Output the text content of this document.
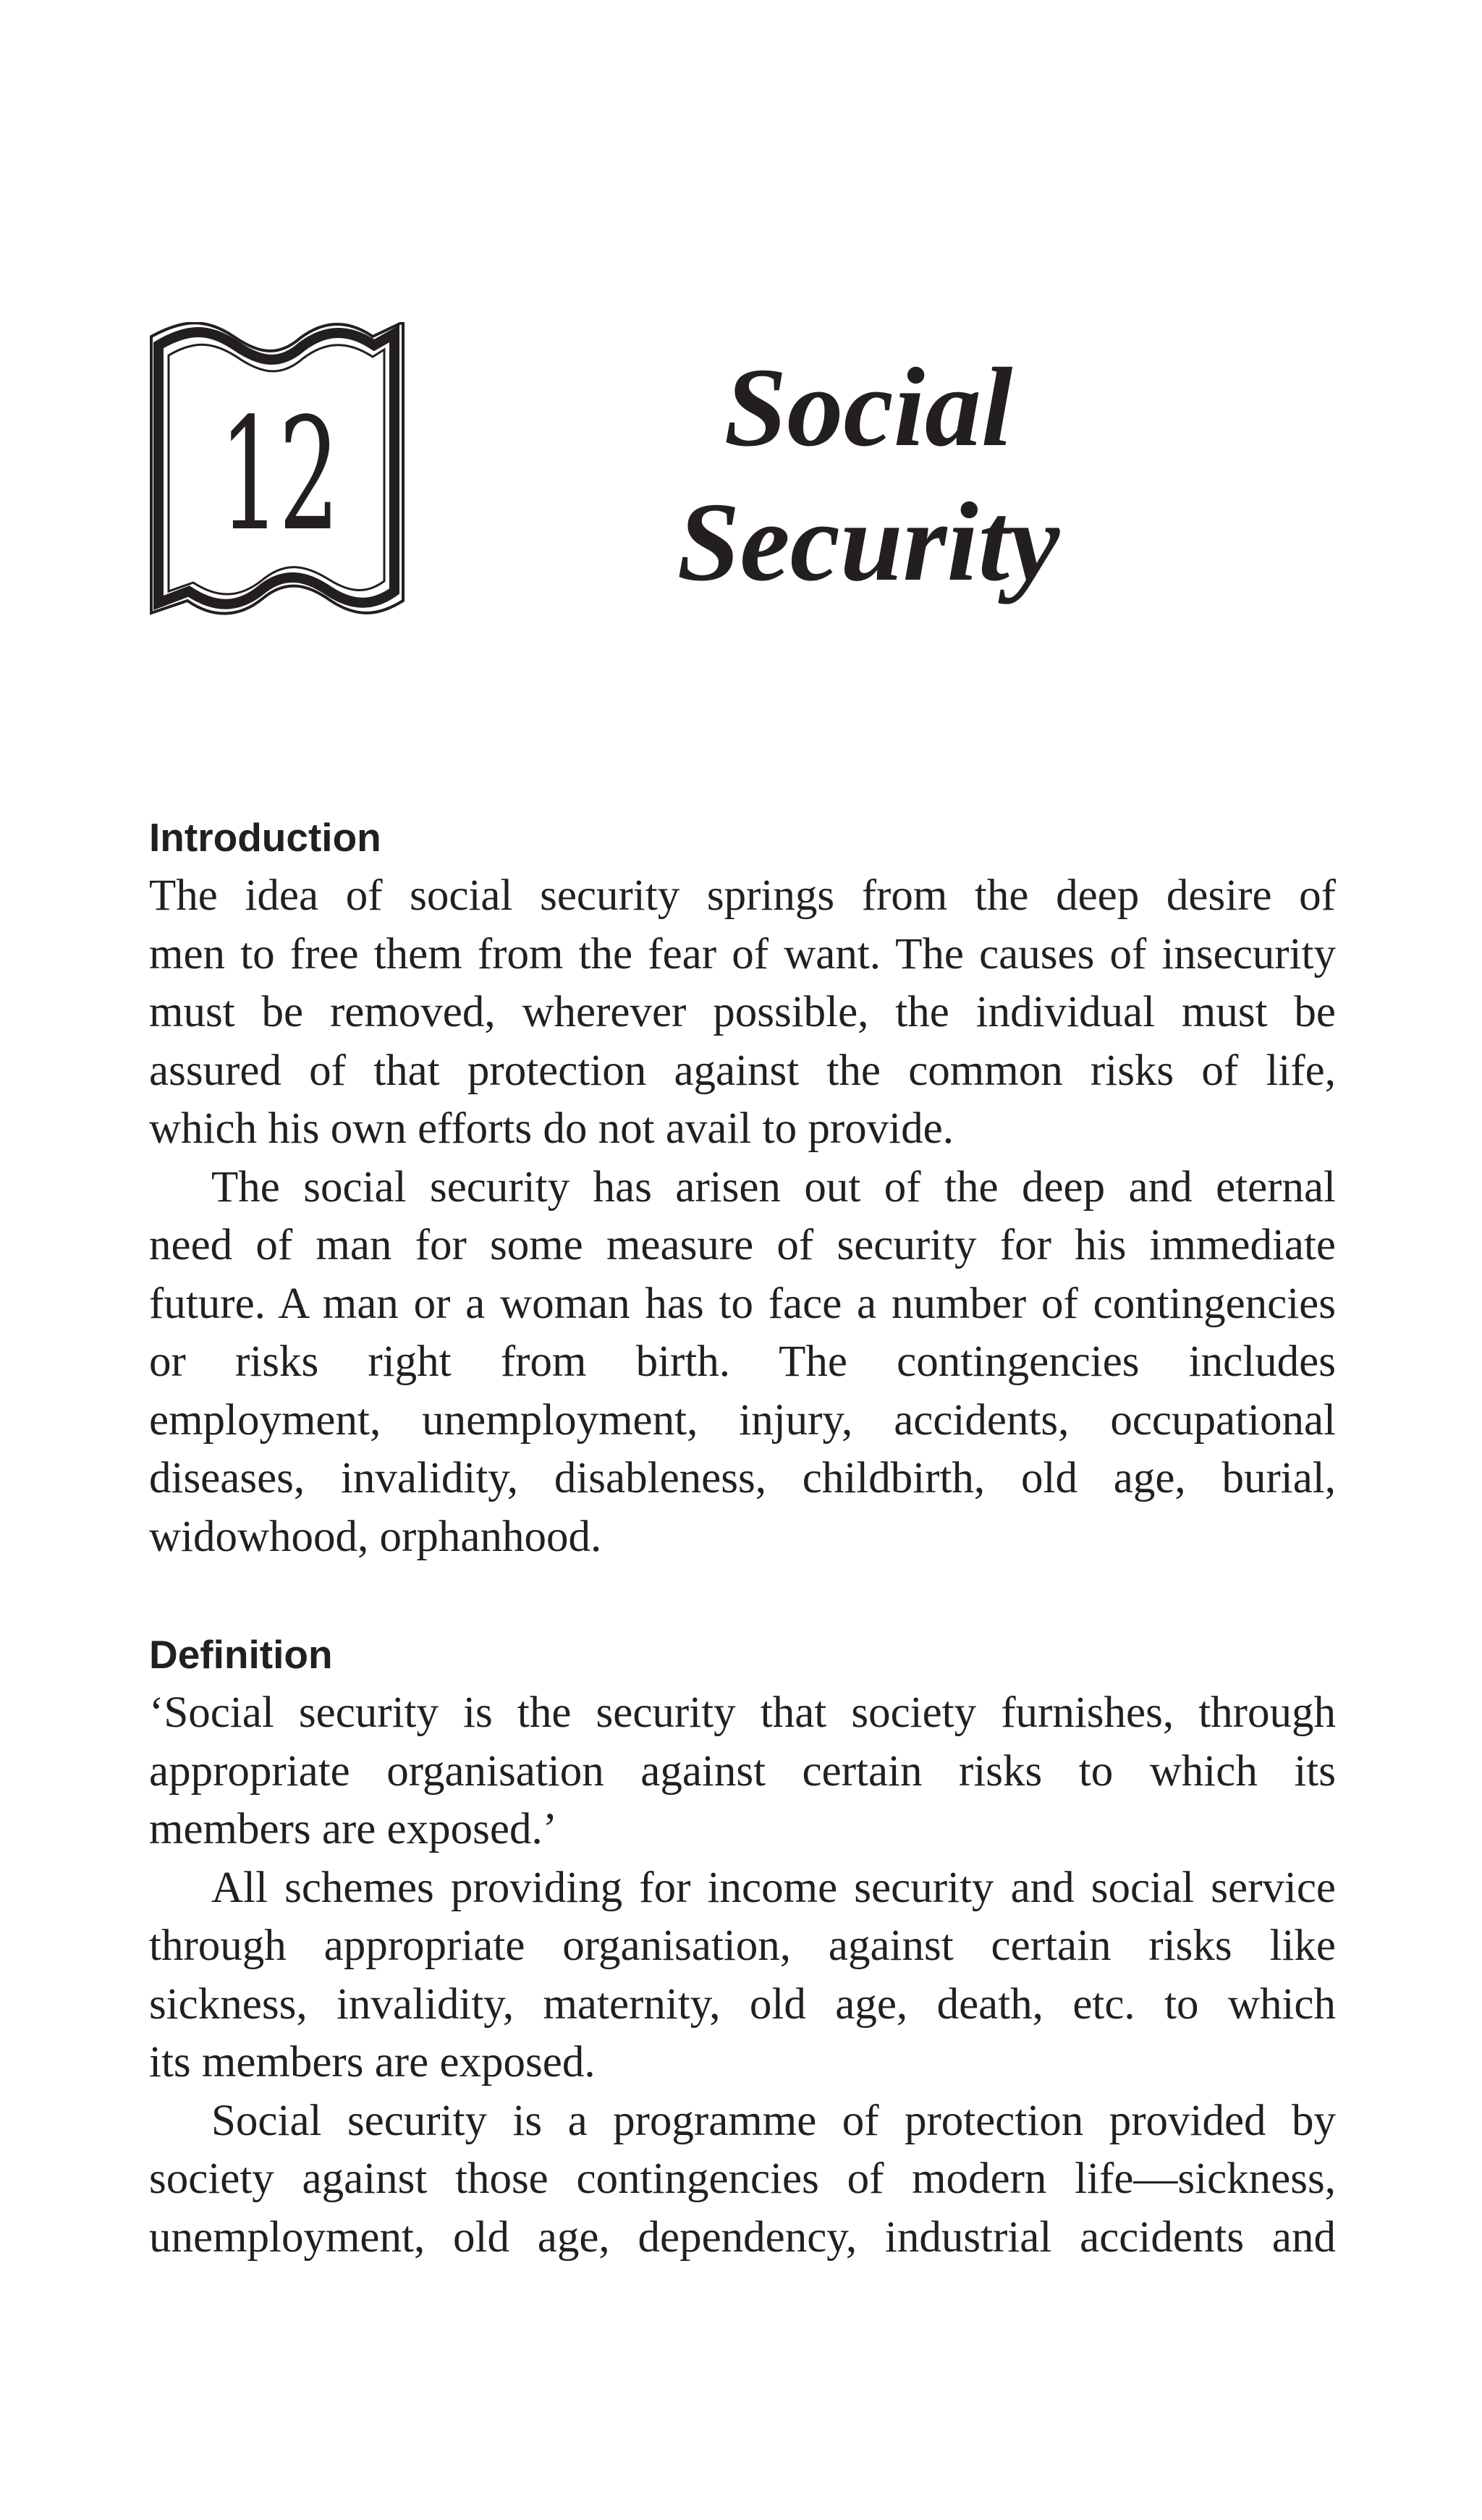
12	Social
Security
Introduction
The idea of social security springs from the deep desire of
men to free them from the fear of want. The causes of insecurity
must be removed, wherever possible, the individual must be
assured of that protection against the common risks of life,
which his own efforts do not avail to provide.
The social security has arisen out of the deep and eternal
need of man for some measure of security for his immediate
future. A man or a woman has to face a number of contingencies
or risks right from birth. The contingencies includes
employment, unemployment, injury, accidents, occupational
diseases, invalidity, disableness, childbirth, old age, burial,
widowhood, orphanhood.
Definition
‘Social security is the security that society furnishes, through
appropriate organisation against certain risks to which its
members are exposed.’
All schemes providing for income security and social service
through appropriate organisation, against certain risks like
sickness, invalidity, maternity, old age, death, etc. to which
its members are exposed.
Social security is a programme of protection provided by
society against those contingencies of modern life—sickness,
unemployment, old age, dependency, industrial accidents and
